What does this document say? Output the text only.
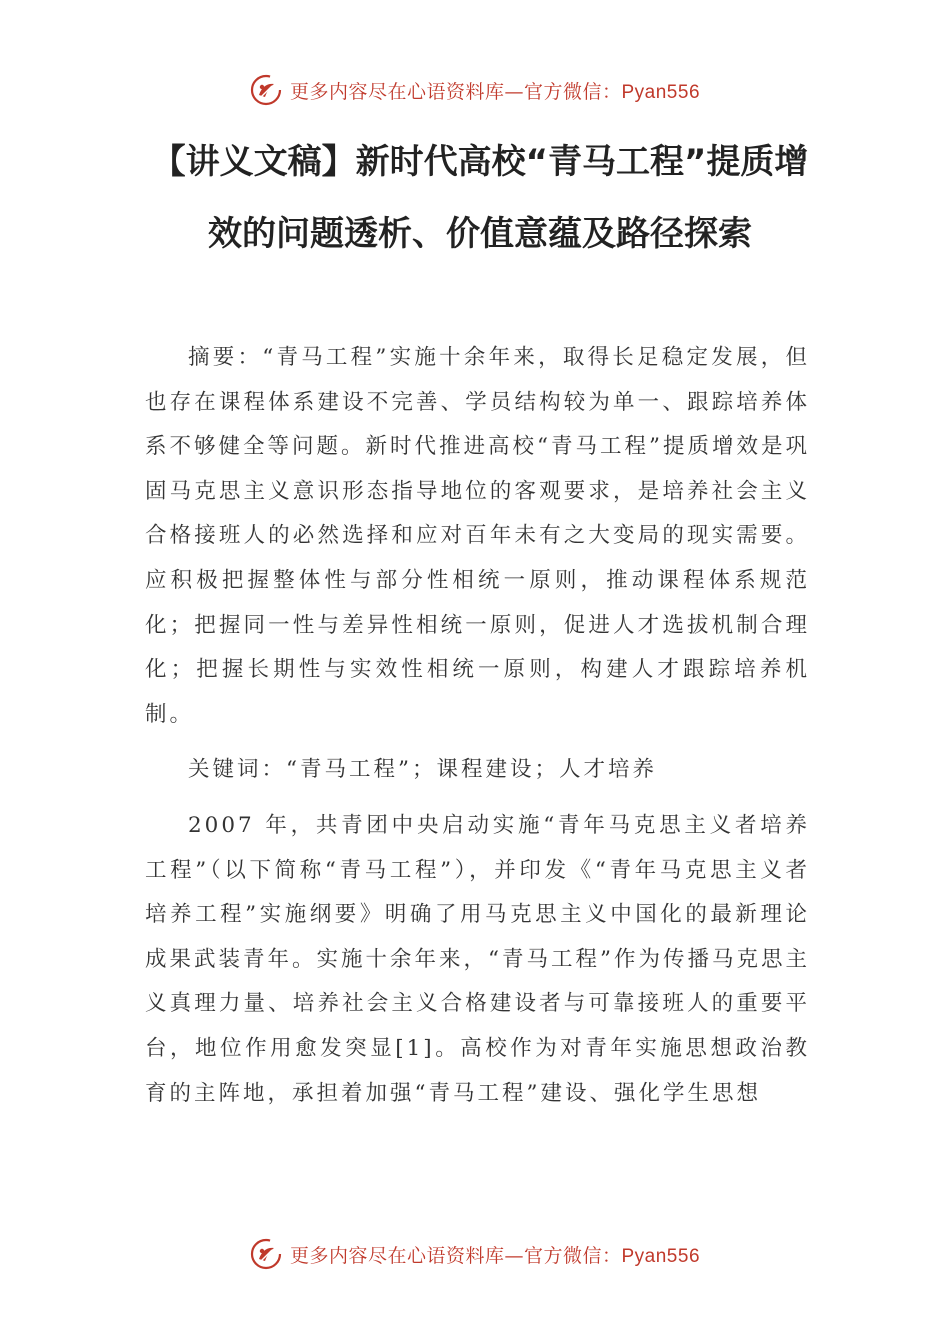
更多内容尽在心语资料库—官方微信：Pyan556
【讲义文稿】新时代高校“青马工程”提质增效的问题透析、价值意蕴及路径探索

摘要：“青马工程”实施十余年来，取得长足稳定发展，但也存在课程体系建设不完善、学员结构较为单一、跟踪培养体系不够健全等问题。新时代推进高校“青马工程”提质增效是巩固马克思主义意识形态指导地位的客观要求，是培养社会主义合格接班人的必然选择和应对百年未有之大变局的现实需要。应积极把握整体性与部分性相统一原则，推动课程体系规范化；把握同一性与差异性相统一原则，促进人才选拔机制合理化；把握长期性与实效性相统一原则，构建人才跟踪培养机制。

关键词：“青马工程”；课程建设；人才培养

2007 年，共青团中央启动实施“青年马克思主义者培养工程”（以下简称“青马工程”），并印发《“青年马克思主义者培养工程”实施纲要》明确了用马克思主义中国化的最新理论成果武装青年。实施十余年来，“青马工程”作为传播马克思主义真理力量、培养社会主义合格建设者与可靠接班人的重要平台，地位作用愈发突显[1]。高校作为对青年实施思想政治教育的主阵地，承担着加强“青马工程”建设、强化学生思想

更多内容尽在心语资料库—官方微信：Pyan556
